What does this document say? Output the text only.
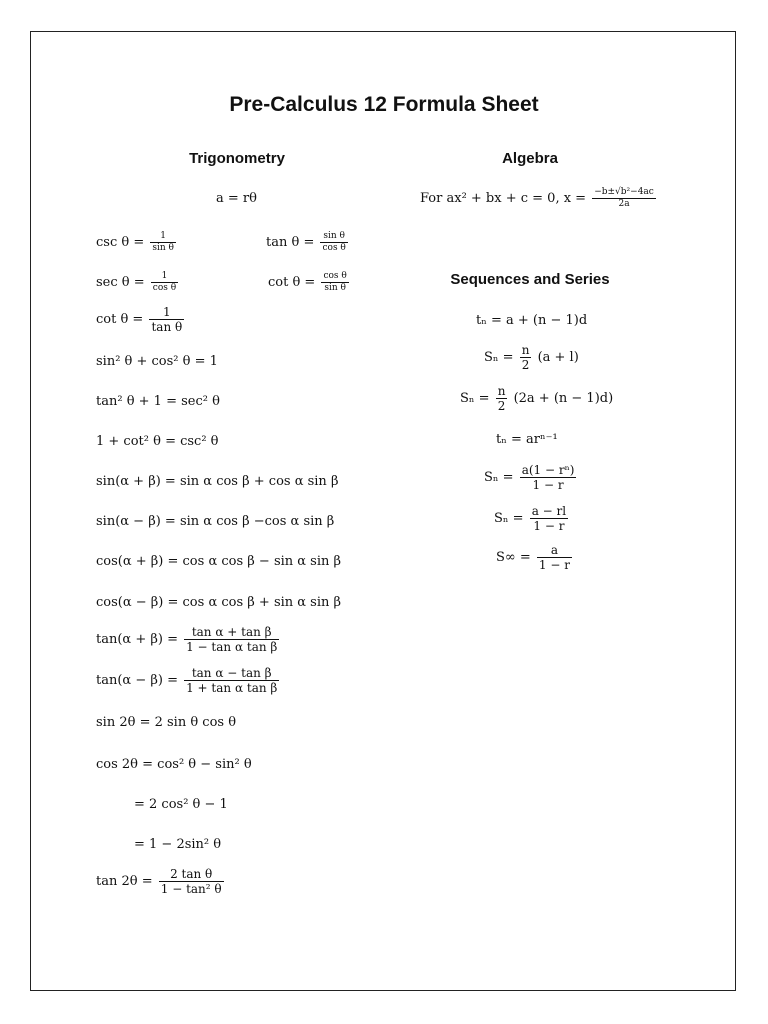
Pre-Calculus 12 Formula Sheet
Trigonometry	Algebra
Sequences and Series
a = rθ
$\csc \theta = \frac{1}{\text{sin θ}}$	$\tan \theta = \frac{\text{sin θ}}{\text{cos θ}}$
$\sec \theta = \frac{1}{\text{cos θ}}$	$\cot \theta = \frac{\text{cos θ}}{\text{sin θ}}$
$\cot \theta = \frac{1}{\text{tan θ}}$
sin² θ + cos² θ = 1
tan² θ + 1 = sec² θ
1 + cot² θ = csc² θ
sin(α + β) = sin α cos β + cos α sin β
sin(α − β) = sin α cos β −cos α sin β
cos(α + β) = cos α cos β − sin α sin β
cos(α − β) = cos α cos β + sin α sin β
$\tan(\alpha + \beta) = \frac{\text{tan α + tan β}}{\text{1 − tan α tan β}}$
$\tan(\alpha - \beta) = \frac{\text{tan α − tan β}}{\text{1 + tan α tan β}}$
sin 2θ = 2 sin θ cos θ
cos 2θ = cos² θ − sin² θ
= 2 cos² θ − 1
= 1 − 2sin² θ
$\tan 2\theta = \frac{\text{2 tan θ}}{\text{1 − tan² θ}}$
For ax² + bx + c = 0, $x = \frac{\text{−b±√b²−4ac}}{2a}$
tₙ = a + (n − 1)d
$S_n = \frac{n}{2} (a + l)$
$S_n = \frac{n}{2} (2a + (n - 1)d)$
tₙ = arⁿ⁻¹
$S_n = \frac{\text{a(1 − rⁿ)}}{1 - r}$
$S_n = \frac{a - rl}{1 - r}$
$S\infty = \frac{a}{1 - r}$
